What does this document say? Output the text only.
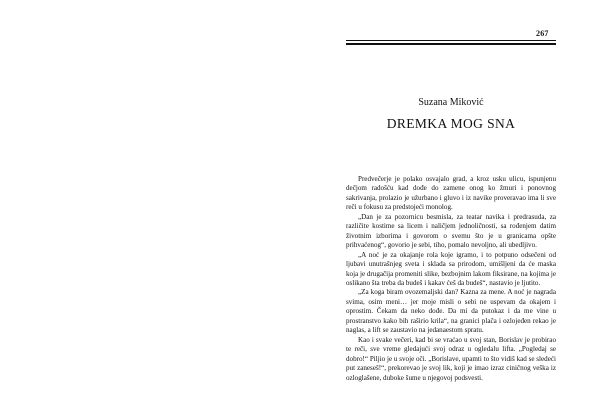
267
Suzana Miković
DREMKA MOG SNA

Predvečerje je polako osvajalo grad, a kroz usku ulicu, ispunjenu dečjom radošću kad dođe do zamene onog ko žmuri i ponovnog sakrivanja, prolazio je užurbano i gluvo i iz navike proveravao ima li sve reči u fokusu za predstojeći monolog.

„Dan je za pozornicu besmisla, za teatar navika i predrasuda, za različite kostime sa licem i naličjem jednoličnosti, sa rođenjem datim životnim izborima i govorom o svemu što je u granicama opšte prihvaćenog“, govorio je sebi, tiho, pomalo nevoljno, ali ubedljivo.

„A noć je za okajanje rola koje igramo, i to potpuno odsečeni od ljubavi unutrašnjeg sveta i sklada sa prirodom, umišljeni da će maska koja je drugačija promeniti slike, bezbojnim lakom fiksirane, na kojima je oslikano šta treba da budeš i kakav ćeš da budeš“, nastavio je ljutito.

„Za koga biram ovozemaljski dan? Kazna za mene. A noć je nagrada svima, osim meni… jer moje misli o sebi ne uspevam da okajem i oprostim. Čekam da neko dođe. Da mi da putokaz i da me vine u prostranstvo kako bih raširio krila“, na granici plača i ozlojeđen rekao je naglas, a lift se zaustavio na jedanaestom spratu.

Kao i svake večeri, kad bi se vraćao u svoj stan, Borislav je probirao te reči, sve vreme gledajući svoj odraz u ogledalu lifta. „Pogledaj se dobro!“ Piljio je u svoje oči. „Borislave, upamti to što vidiš kad se sledeći put zaneseš!“, prekorevao je svoj lik, koji je imao izraz ciničnog veška iz ozloglašene, duboke šume u njegovoj podsvesti.
